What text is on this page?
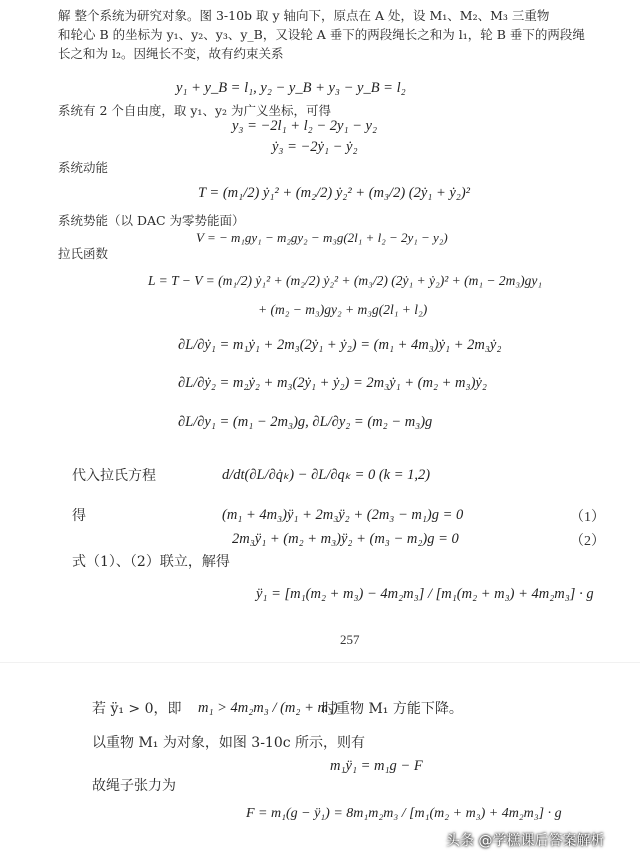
解 整个系统为研究对象。图 3-10b 取 y 轴向下，原点在 A 处，设 M₁、M₂、M₃ 三重物
和轮心 B 的坐标为 y₁、y₂、y₃、y_B，又设轮 A 垂下的两段绳长之和为 l₁，轮 B 垂下的两段绳
长之和为 l₂。因绳长不变，故有约束关系
y₁ + y_B = l₁, y₂ − y_B + y₃ − y_B = l₂
系统有 2 个自由度，取 y₁、y₂ 为广义坐标，可得
y₃ = −2l₁ + l₂ − 2y₁ − y₂
ẏ₃ = −2ẏ₁ − ẏ₂
系统动能
T = (m₁/2) ẏ₁² + (m₂/2) ẏ₂² + (m₃/2) (2ẏ₁ + ẏ₂)²
系统势能（以 DAC 为零势能面）
V = − m₁gy₁ − m₂gy₂ − m₃g(2l₁ + l₂ − 2y₁ − y₂)
拉氏函数
L = T − V = (m₁/2) ẏ₁² + (m₂/2) ẏ₂² + (m₃/2) (2ẏ₁ + ẏ₂)² + (m₁ − 2m₃)gy₁
+ (m₂ − m₃)gy₂ + m₃g(2l₁ + l₂)
∂L/∂ẏ₁ = m₁ẏ₁ + 2m₃(2ẏ₁ + ẏ₂) = (m₁ + 4m₃)ẏ₁ + 2m₃ẏ₂
∂L/∂ẏ₂ = m₂ẏ₂ + m₃(2ẏ₁ + ẏ₂) = 2m₃ẏ₁ + (m₂ + m₃)ẏ₂
∂L/∂y₁ = (m₁ − 2m₃)g, ∂L/∂y₂ = (m₂ − m₃)g
代入拉氏方程	d/dt(∂L/∂q̇ₖ) − ∂L/∂qₖ = 0 (k = 1,2)
得	(m₁ + 4m₃)ÿ₁ + 2m₃ÿ₂ + (2m₃ − m₁)g = 0	（1）
2m₃ÿ₁ + (m₂ + m₃)ÿ₂ + (m₃ − m₂)g = 0	（2）
式（1）、（2）联立，解得
ÿ₁ = [m₁(m₂ + m₃) − 4m₂m₃] / [m₁(m₂ + m₃) + 4m₂m₃] · g
257
若 ÿ₁ > 0，即 m₁ > 4m₂m₃ / (m₂ + m₃)
时重物 M₁ 方能下降。
以重物 M₁ 为对象，如图 3-10c 所示，则有
m₁ÿ₁ = m₁g − F
故绳子张力为
F = m₁(g − ÿ₁) = 8m₁m₂m₃ / [m₁(m₂ + m₃) + 4m₂m₃] · g
头条 @学糕课后答案解析
